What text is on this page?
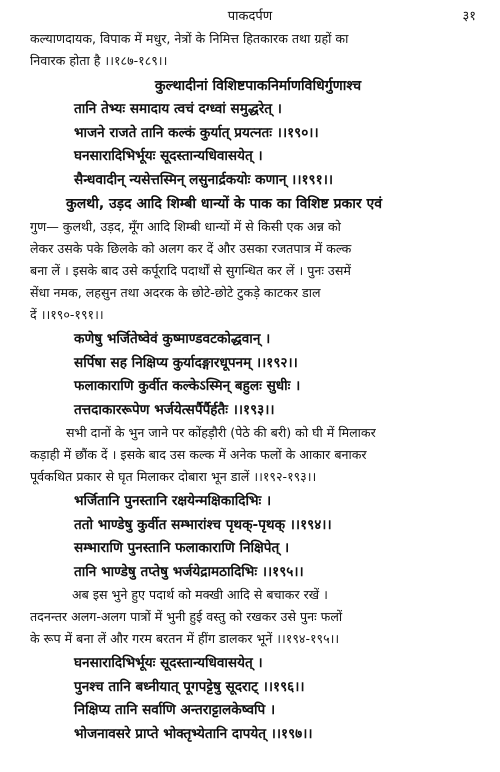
पाकदर्पण	३१
कल्याणदायक, विपाक में मधुर, नेत्रों के निमित्त हितकारक तथा ग्रहों का
निवारक होता है ।।१८७-१८९।।
कुल्थादीनां विशिष्टपाकनिर्माणविधिर्गुणाश्च
तानि तेभ्यः समादाय त्वचं दग्ध्वां समुद्धरेत् ।
भाजने राजते तानि कल्कं कुर्यात् प्रयत्नतः ।।१९०।।
घनसारादिभिर्भूयः सूदस्तान्यधिवासयेत् ।
सैन्धवादीन् न्यसेत्तस्मिन् लसुनार्द्रकयोः कणान् ।।१९१।।
कुलथी, उड़द आदि शिम्बी धान्यों के पाक का विशिष्ट प्रकार एवं
गुण— कुलथी, उड़द, मूँग आदि शिम्बी धान्यों में से किसी एक अन्न को
लेकर उसके पके छिलके को अलग कर दें और उसका रजतपात्र में कल्क
बना लें । इसके बाद उसे कर्पूरादि पदार्थों से सुगन्धित कर लें । पुनः उसमें
सेंधा नमक, लहसुन तथा अदरक के छोटे-छोटे टुकड़े काटकर डाल
दें ।।१९०-१९१।।
कणेषु भर्जितेष्वेवं कुष्माण्डवटकोद्धवान् ।
सर्पिषा सह निक्षिप्य कुर्यादङ्गारधूपनम् ।।१९२।।
फलाकाराणि कुर्वीत कल्केऽस्मिन् बहुलः सुधीः ।
तत्तदाकाररूपेण भर्जयेत्सर्पैर्पैर्हतैः ।।१९३।।
सभी दानों के भुन जाने पर कोंहड़ौरी (पेठे की बरी) को घी में मिलाकर
कड़ाही में छौंक दें । इसके बाद उस कल्क में अनेक फलों के आकार बनाकर
पूर्वकथित प्रकार से घृत मिलाकर दोबारा भून डालें ।।१९२-१९३।।
भर्जितानि पुनस्तानि रक्षयेन्मक्षिकादिभिः ।
ततो भाण्डेषु कुर्वीत सम्भारांश्च पृथक्-पृथक् ।।१९४।।
सम्भाराणि पुनस्तानि फलाकाराणि निक्षिपेत् ।
तानि भाण्डेषु तप्तेषु भर्जयेद्रामठादिभिः ।।१९५।।
अब इस भुने हुए पदार्थ को मक्खी आदि से बचाकर रखें ।
तदनन्तर अलग-अलग पात्रों में भुनी हुई वस्तु को रखकर उसे पुनः फलों
के रूप में बना लें और गरम बरतन में हींग डालकर भूनें ।।१९४-१९५।।
घनसारादिभिर्भूयः सूदस्तान्यधिवासयेत् ।
पुनश्च तानि बध्नीयात् पूगपट्टेषु सूदराट् ।।१९६।।
निक्षिप्य तानि सर्वाणि अन्तराट्टालकेष्वपि ।
भोजनावसरे प्राप्ते भोक्तृभ्येतानि दापयेत् ।।१९७।।
